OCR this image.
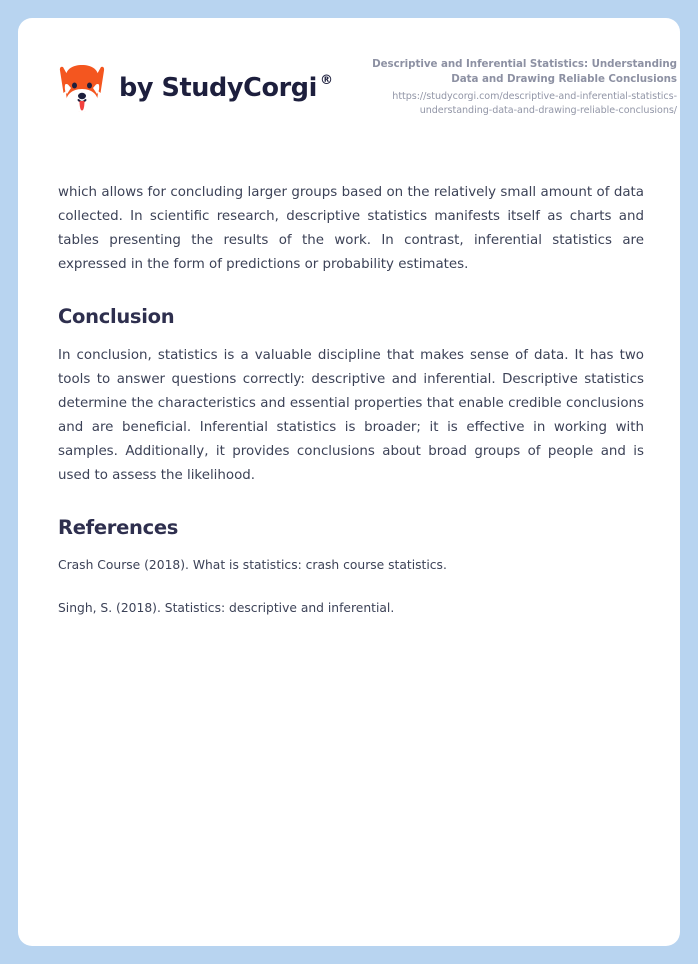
by StudyCorgi ®
Descriptive and Inferential Statistics: Understanding Data and Drawing Reliable Conclusions
https://studycorgi.com/descriptive-and-inferential-statistics-understanding-data-and-drawing-reliable-conclusions/

which allows for concluding larger groups based on the relatively small amount of data collected. In scientific research, descriptive statistics manifests itself as charts and tables presenting the results of the work. In contrast, inferential statistics are expressed in the form of predictions or probability estimates.

Conclusion

In conclusion, statistics is a valuable discipline that makes sense of data. It has two tools to answer questions correctly: descriptive and inferential. Descriptive statistics determine the characteristics and essential properties that enable credible conclusions and are beneficial. Inferential statistics is broader; it is effective in working with samples. Additionally, it provides conclusions about broad groups of people and is used to assess the likelihood.

References

Crash Course (2018). What is statistics: crash course statistics.

Singh, S. (2018). Statistics: descriptive and inferential.
